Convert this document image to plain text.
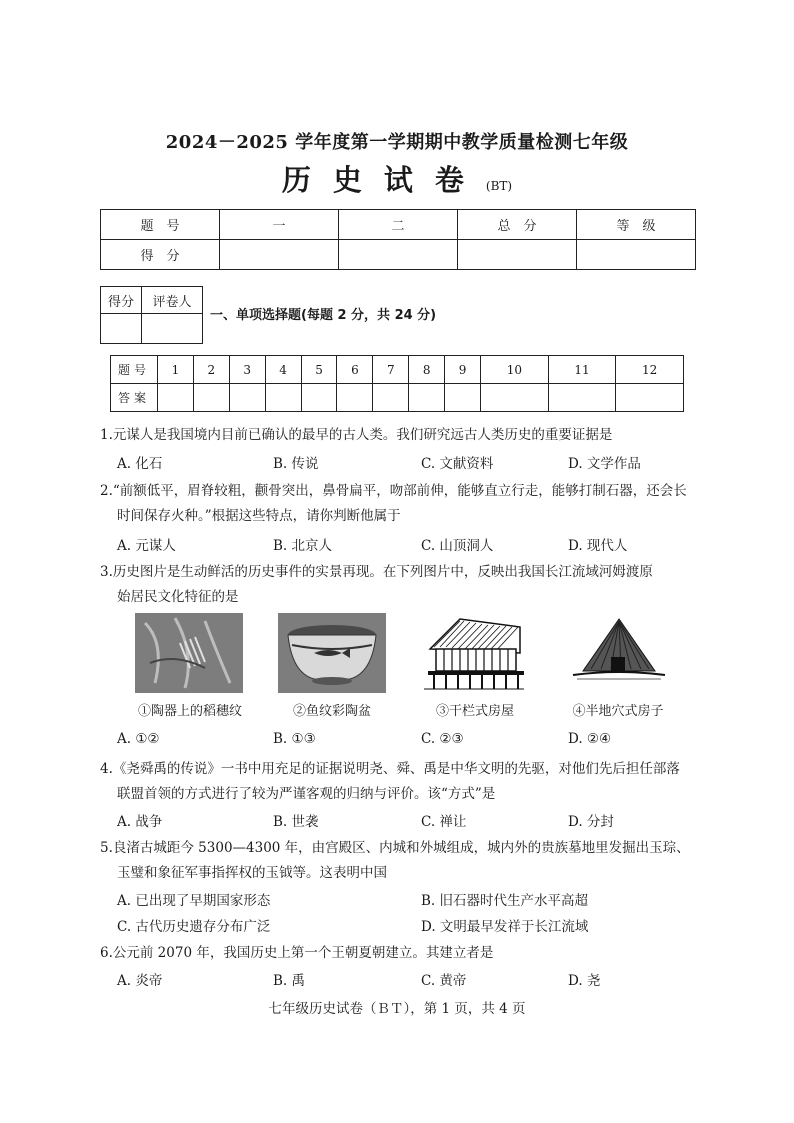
2024－2025 学年度第一学期期中教学质量检测七年级
历史试卷(BT)
题　号	一	二	总　分	等　级
得　分				
得分	评卷人

一、单项选择题(每题 2 分，共 24 分)
题号	1	2	3	4	5	6	7	8	9	10	11	12
答案												
1.元谋人是我国境内目前已确认的最早的古人类。我们研究远古人类历史的重要证据是
A. 化石	B. 传说	C. 文献资料	D. 文学作品
2.“前额低平，眉脊较粗，颧骨突出，鼻骨扁平，吻部前伸，能够直立行走，能够打制石器，还会长
时间保存火种。”根据这些特点，请你判断他属于
A. 元谋人	B. 北京人	C. 山顶洞人	D. 现代人
3.历史图片是生动鲜活的历史事件的实景再现。在下列图片中，反映出我国长江流域河姆渡原
始居民文化特征的是
①陶器上的稻穗纹	②鱼纹彩陶盆	③干栏式房屋	④半地穴式房子
A. ①②	B. ①③	C. ②③	D. ②④
4.《尧舜禹的传说》一书中用充足的证据说明尧、舜、禹是中华文明的先驱，对他们先后担任部落
联盟首领的方式进行了较为严谨客观的归纳与评价。该“方式”是
A. 战争	B. 世袭	C. 禅让	D. 分封
5.良渚古城距今 5300—4300 年，由宫殿区、内城和外城组成，城内外的贵族墓地里发掘出玉琮、
玉璧和象征军事指挥权的玉钺等。这表明中国
A. 已出现了早期国家形态	B. 旧石器时代生产水平高超
C. 古代历史遗存分布广泛	D. 文明最早发祥于长江流域
6.公元前 2070 年，我国历史上第一个王朝夏朝建立。其建立者是
A. 炎帝	B. 禹	C. 黄帝	D. 尧
七年级历史试卷（ＢＴ），第 1 页，共 4 页
